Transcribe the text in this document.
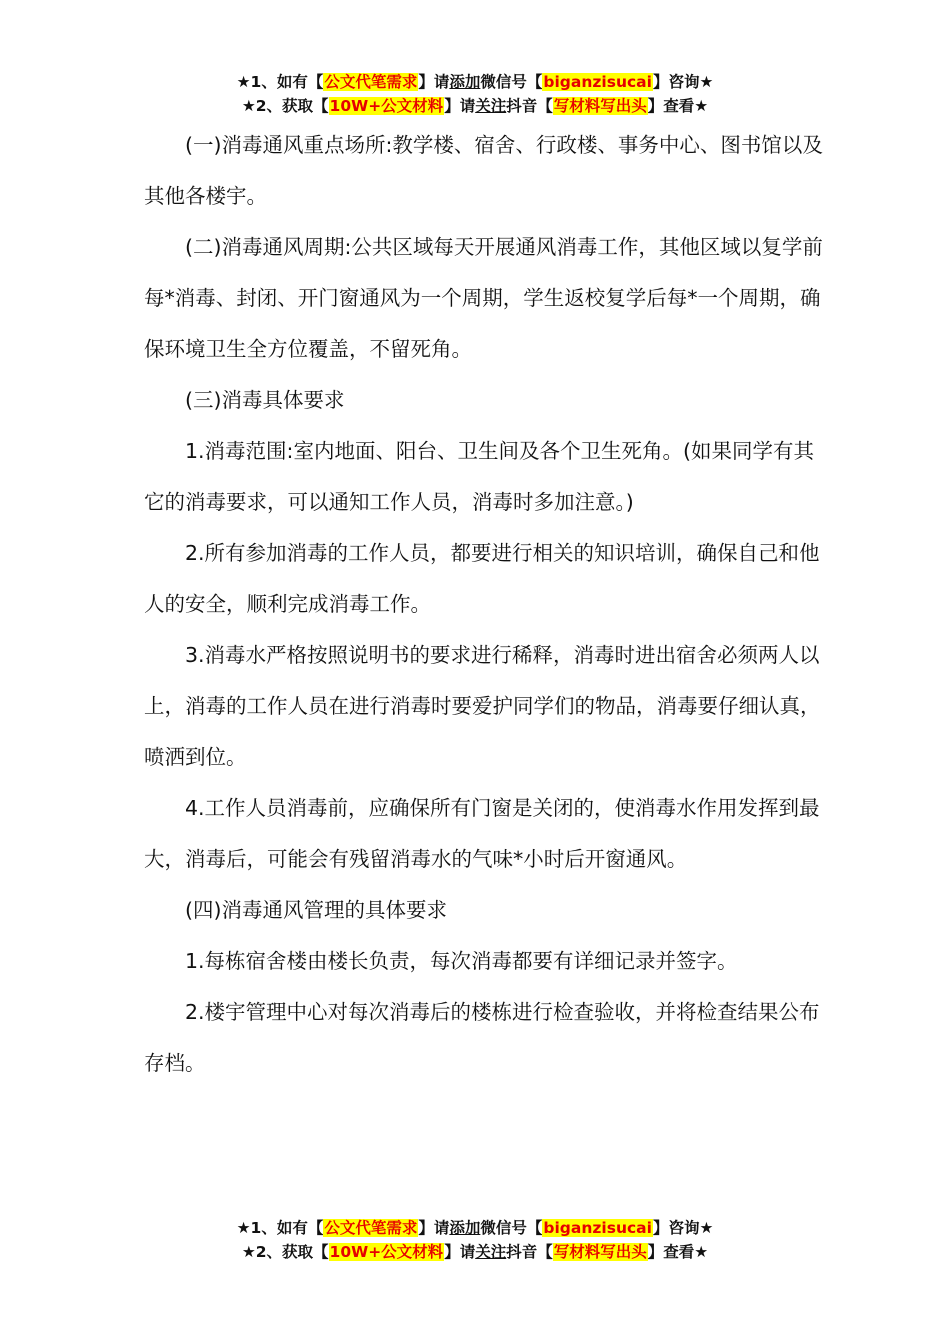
★1、如有【公文代笔需求】请添加微信号【biganzisucai】咨询★
★2、获取【10W+公文材料】请关注抖音【写材料写出头】查看★

(一)消毒通风重点场所:教学楼、宿舍、行政楼、事务中心、图书馆以及其他各楼宇。

(二)消毒通风周期:公共区域每天开展通风消毒工作，其他区域以复学前每*消毒、封闭、开门窗通风为一个周期，学生返校复学后每*一个周期，确保环境卫生全方位覆盖，不留死角。

(三)消毒具体要求

1.消毒范围:室内地面、阳台、卫生间及各个卫生死角。(如果同学有其它的消毒要求，可以通知工作人员，消毒时多加注意。)

2.所有参加消毒的工作人员，都要进行相关的知识培训，确保自己和他人的安全，顺利完成消毒工作。

3.消毒水严格按照说明书的要求进行稀释，消毒时进出宿舍必须两人以上，消毒的工作人员在进行消毒时要爱护同学们的物品，消毒要仔细认真，喷洒到位。

4.工作人员消毒前，应确保所有门窗是关闭的，使消毒水作用发挥到最大，消毒后，可能会有残留消毒水的气味*小时后开窗通风。

(四)消毒通风管理的具体要求

1.每栋宿舍楼由楼长负责，每次消毒都要有详细记录并签字。

2.楼宇管理中心对每次消毒后的楼栋进行检查验收，并将检查结果公布存档。

★1、如有【公文代笔需求】请添加微信号【biganzisucai】咨询★
★2、获取【10W+公文材料】请关注抖音【写材料写出头】查看★
